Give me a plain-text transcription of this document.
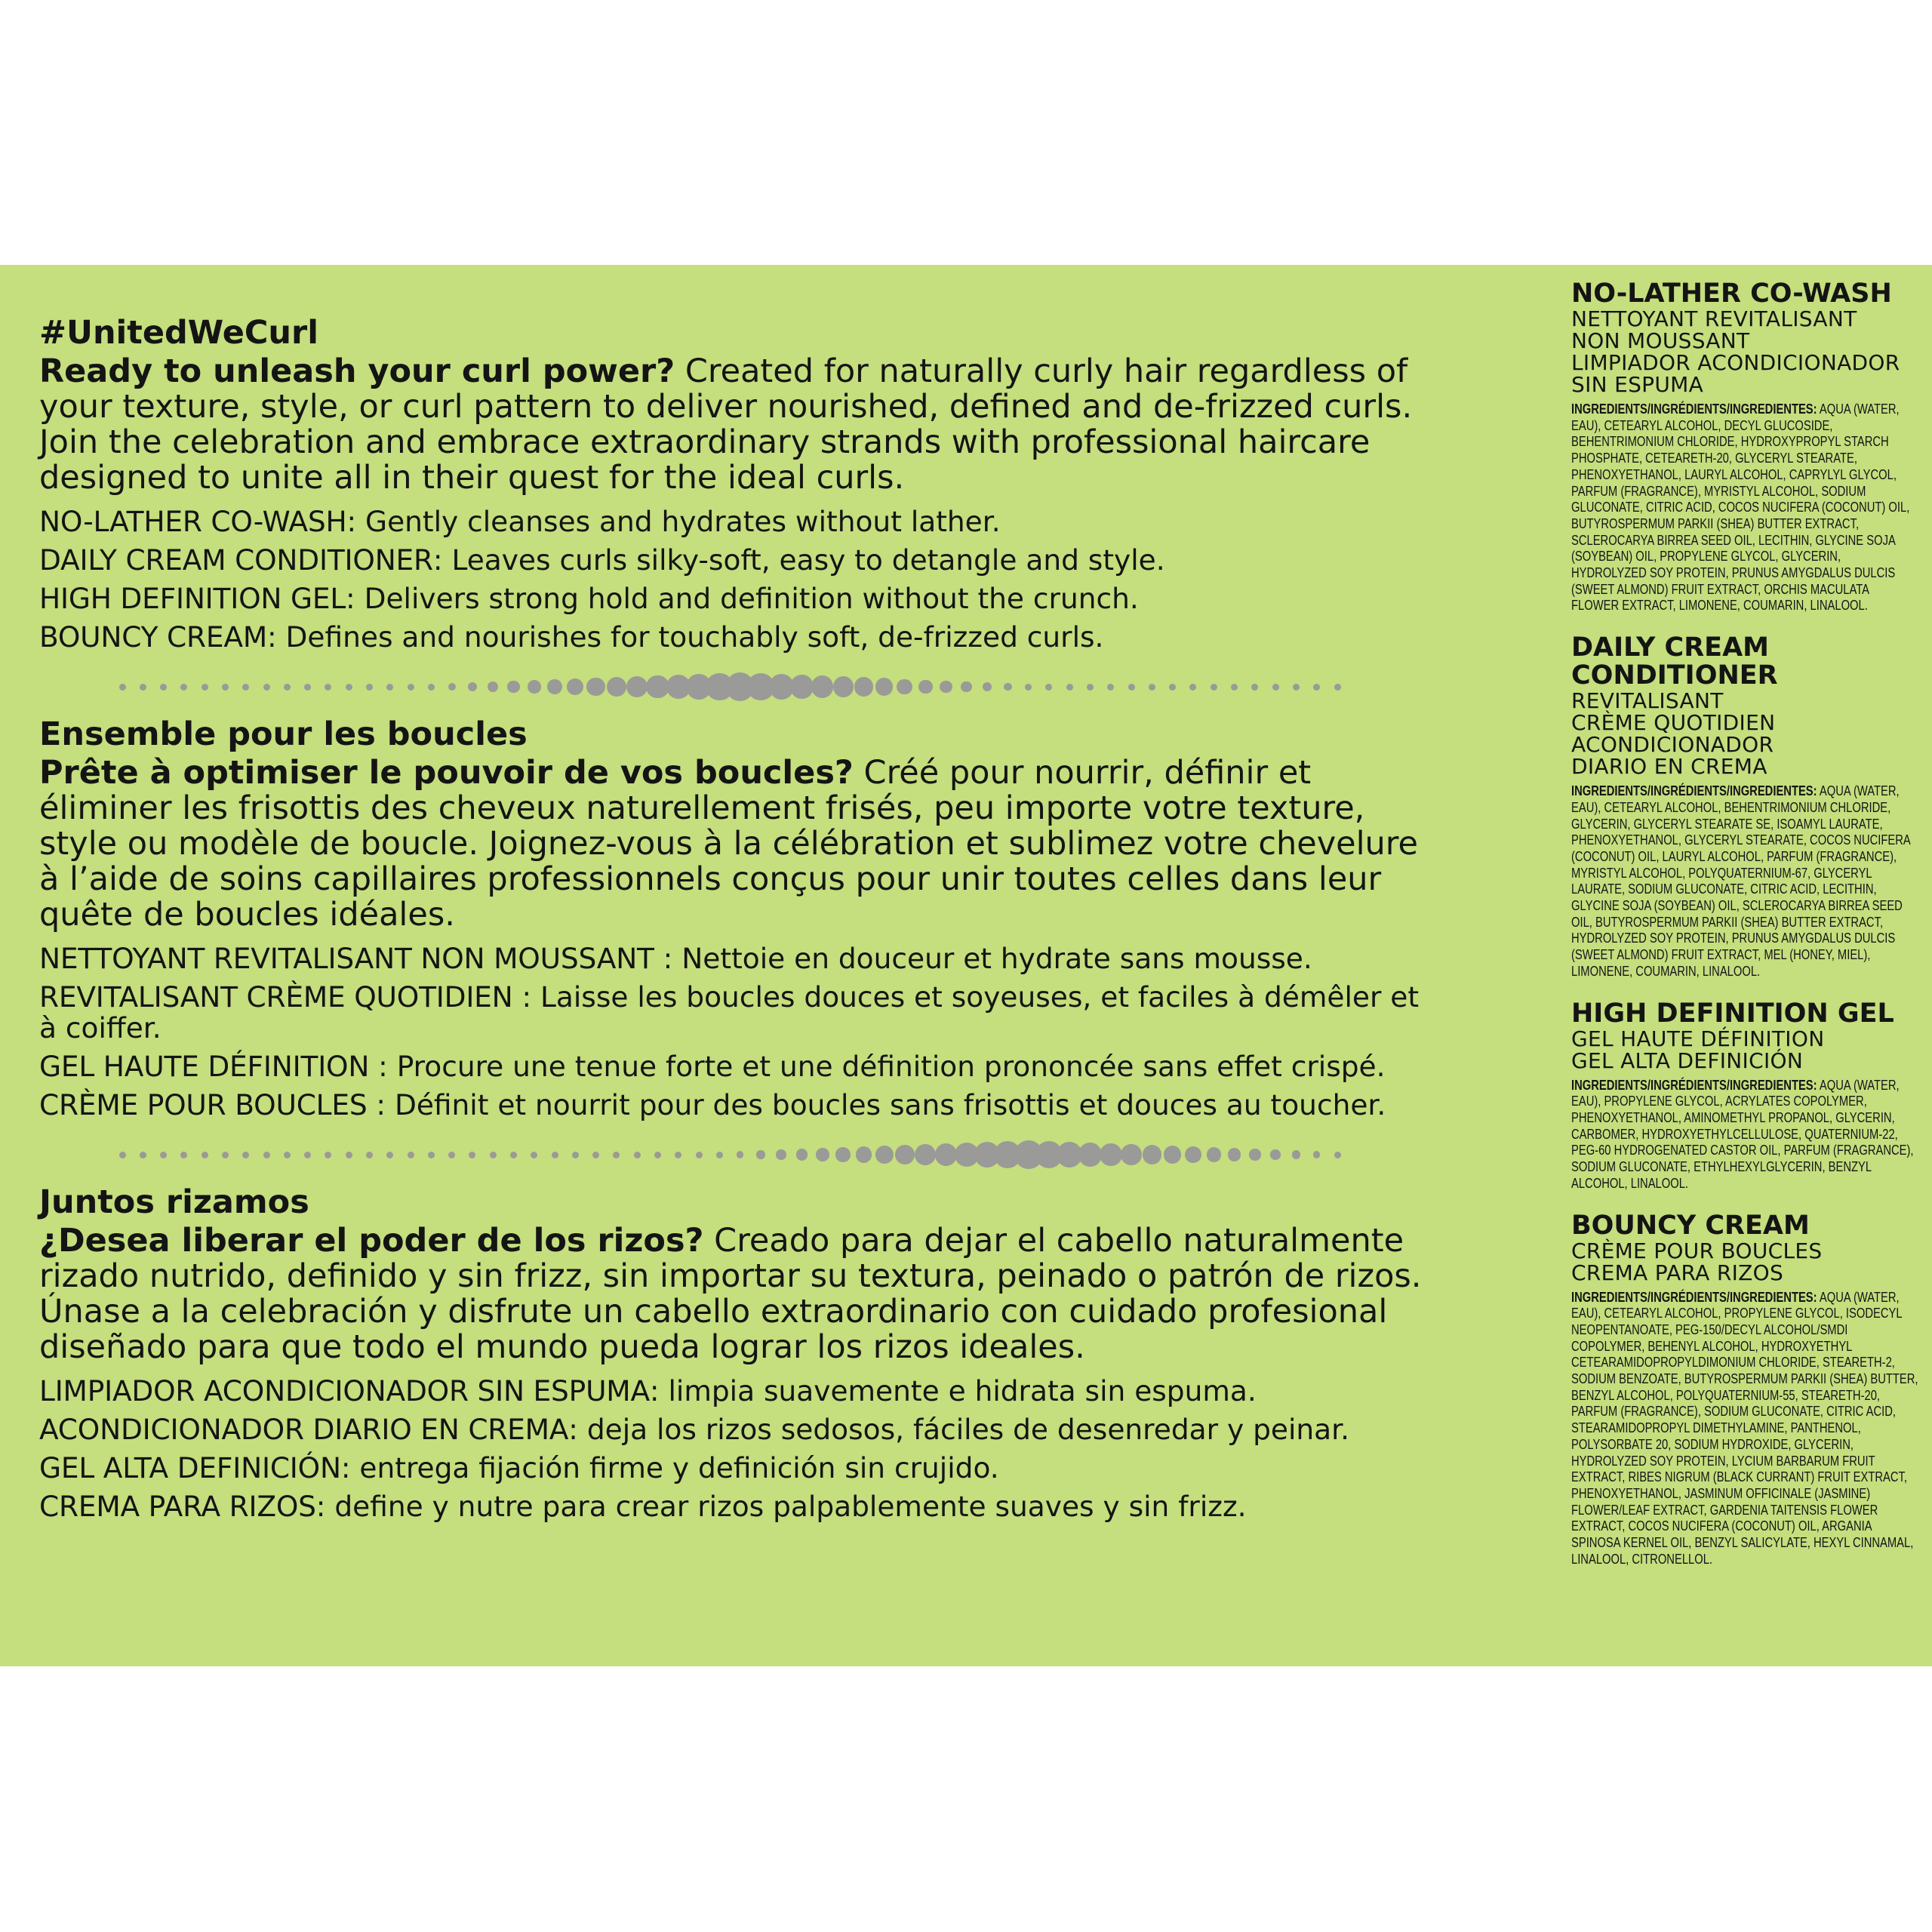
#UnitedWeCurl

Ready to unleash your curl power? Created for naturally curly hair regardless of your texture, style, or curl pattern to deliver nourished, defined and de-frizzed curls. Join the celebration and embrace extraordinary strands with professional haircare designed to unite all in their quest for the ideal curls.

NO-LATHER CO-WASH: Gently cleanses and hydrates without lather.

DAILY CREAM CONDITIONER: Leaves curls silky-soft, easy to detangle and style.

HIGH DEFINITION GEL: Delivers strong hold and definition without the crunch.

BOUNCY CREAM: Defines and nourishes for touchably soft, de-frizzed curls.

Ensemble pour les boucles

Prête à optimiser le pouvoir de vos boucles? Créé pour nourrir, définir et éliminer les frisottis des cheveux naturellement frisés, peu importe votre texture, style ou modèle de boucle. Joignez-vous à la célébration et sublimez votre chevelure à l’aide de soins capillaires professionnels conçus pour unir toutes celles dans leur quête de boucles idéales.

NETTOYANT REVITALISANT NON MOUSSANT : Nettoie en douceur et hydrate sans mousse.

REVITALISANT CRÈME QUOTIDIEN : Laisse les boucles douces et soyeuses, et faciles à démêler et à coiffer.

GEL HAUTE DÉFINITION : Procure une tenue forte et une définition prononcée sans effet crispé.

CRÈME POUR BOUCLES : Définit et nourrit pour des boucles sans frisottis et douces au toucher.

Juntos rizamos

¿Desea liberar el poder de los rizos? Creado para dejar el cabello naturalmente rizado nutrido, definido y sin frizz, sin importar su textura, peinado o patrón de rizos. Únase a la celebración y disfrute un cabello extraordinario con cuidado profesional diseñado para que todo el mundo pueda lograr los rizos ideales.

LIMPIADOR ACONDICIONADOR SIN ESPUMA: limpia suavemente e hidrata sin espuma.

ACONDICIONADOR DIARIO EN CREMA: deja los rizos sedosos, fáciles de desenredar y peinar.

GEL ALTA DEFINICIÓN: entrega fijación firme y definición sin crujido.

CREMA PARA RIZOS: define y nutre para crear rizos palpablemente suaves y sin frizz.

NO-LATHER CO-WASH

NETTOYANT REVITALISANT

NON MOUSSANT

LIMPIADOR ACONDICIONADOR

SIN ESPUMA

INGREDIENTS/INGRÉDIENTS/INGREDIENTES: AQUA (WATER, EAU), CETEARYL ALCOHOL, DECYL GLUCOSIDE, BEHENTRIMONIUM CHLORIDE, HYDROXYPROPYL STARCH PHOSPHATE, CETEARETH-20, GLYCERYL STEARATE, PHENOXYETHANOL, LAURYL ALCOHOL, CAPRYLYL GLYCOL, PARFUM (FRAGRANCE), MYRISTYL ALCOHOL, SODIUM GLUCONATE, CITRIC ACID, COCOS NUCIFERA (COCONUT) OIL, BUTYROSPERMUM PARKII (SHEA) BUTTER EXTRACT, SCLEROCARYA BIRREA SEED OIL, LECITHIN, GLYCINE SOJA (SOYBEAN) OIL, PROPYLENE GLYCOL, GLYCERIN, HYDROLYZED SOY PROTEIN, PRUNUS AMYGDALUS DULCIS (SWEET ALMOND) FRUIT EXTRACT, ORCHIS MACULATA FLOWER EXTRACT, LIMONENE, COUMARIN, LINALOOL.

DAILY CREAM CONDITIONER

REVITALISANT

CRÈME QUOTIDIEN

ACONDICIONADOR

DIARIO EN CREMA

INGREDIENTS/INGRÉDIENTS/INGREDIENTES: AQUA (WATER, EAU), CETEARYL ALCOHOL, BEHENTRIMONIUM CHLORIDE, GLYCERIN, GLYCERYL STEARATE SE, ISOAMYL LAURATE, PHENOXYETHANOL, GLYCERYL STEARATE, COCOS NUCIFERA (COCONUT) OIL, LAURYL ALCOHOL, PARFUM (FRAGRANCE), MYRISTYL ALCOHOL, POLYQUATERNIUM-67, GLYCERYL LAURATE, SODIUM GLUCONATE, CITRIC ACID, LECITHIN, GLYCINE SOJA (SOYBEAN) OIL, SCLEROCARYA BIRREA SEED OIL, BUTYROSPERMUM PARKII (SHEA) BUTTER EXTRACT, HYDROLYZED SOY PROTEIN, PRUNUS AMYGDALUS DULCIS (SWEET ALMOND) FRUIT EXTRACT, MEL (HONEY, MIEL), LIMONENE, COUMARIN, LINALOOL.

HIGH DEFINITION GEL

GEL HAUTE DÉFINITION

GEL ALTA DEFINICIÓN

INGREDIENTS/INGRÉDIENTS/INGREDIENTES: AQUA (WATER, EAU), PROPYLENE GLYCOL, ACRYLATES COPOLYMER, PHENOXYETHANOL, AMINOMETHYL PROPANOL, GLYCERIN, CARBOMER, HYDROXYETHYLCELLULOSE, QUATERNIUM-22, PEG-60 HYDROGENATED CASTOR OIL, PARFUM (FRAGRANCE), SODIUM GLUCONATE, ETHYLHEXYLGLYCERIN, BENZYL ALCOHOL, LINALOOL.

BOUNCY CREAM

CRÈME POUR BOUCLES

CREMA PARA RIZOS

INGREDIENTS/INGRÉDIENTS/INGREDIENTES: AQUA (WATER, EAU), CETEARYL ALCOHOL, PROPYLENE GLYCOL, ISODECYL NEOPENTANOATE, PEG-150/DECYL ALCOHOL/SMDI COPOLYMER, BEHENYL ALCOHOL, HYDROXYETHYL CETEARAMIDOPROPYLDIMONIUM CHLORIDE, STEARETH-2, SODIUM BENZOATE, BUTYROSPERMUM PARKII (SHEA) BUTTER, BENZYL ALCOHOL, POLYQUATERNIUM-55, STEARETH-20, PARFUM (FRAGRANCE), SODIUM GLUCONATE, CITRIC ACID, STEARAMIDOPROPYL DIMETHYLAMINE, PANTHENOL, POLYSORBATE 20, SODIUM HYDROXIDE, GLYCERIN, HYDROLYZED SOY PROTEIN, LYCIUM BARBARUM FRUIT EXTRACT, RIBES NIGRUM (BLACK CURRANT) FRUIT EXTRACT, PHENOXYETHANOL, JASMINUM OFFICINALE (JASMINE) FLOWER/LEAF EXTRACT, GARDENIA TAITENSIS FLOWER EXTRACT, COCOS NUCIFERA (COCONUT) OIL, ARGANIA SPINOSA KERNEL OIL, BENZYL SALICYLATE, HEXYL CINNAMAL, LINALOOL, CITRONELLOL.
